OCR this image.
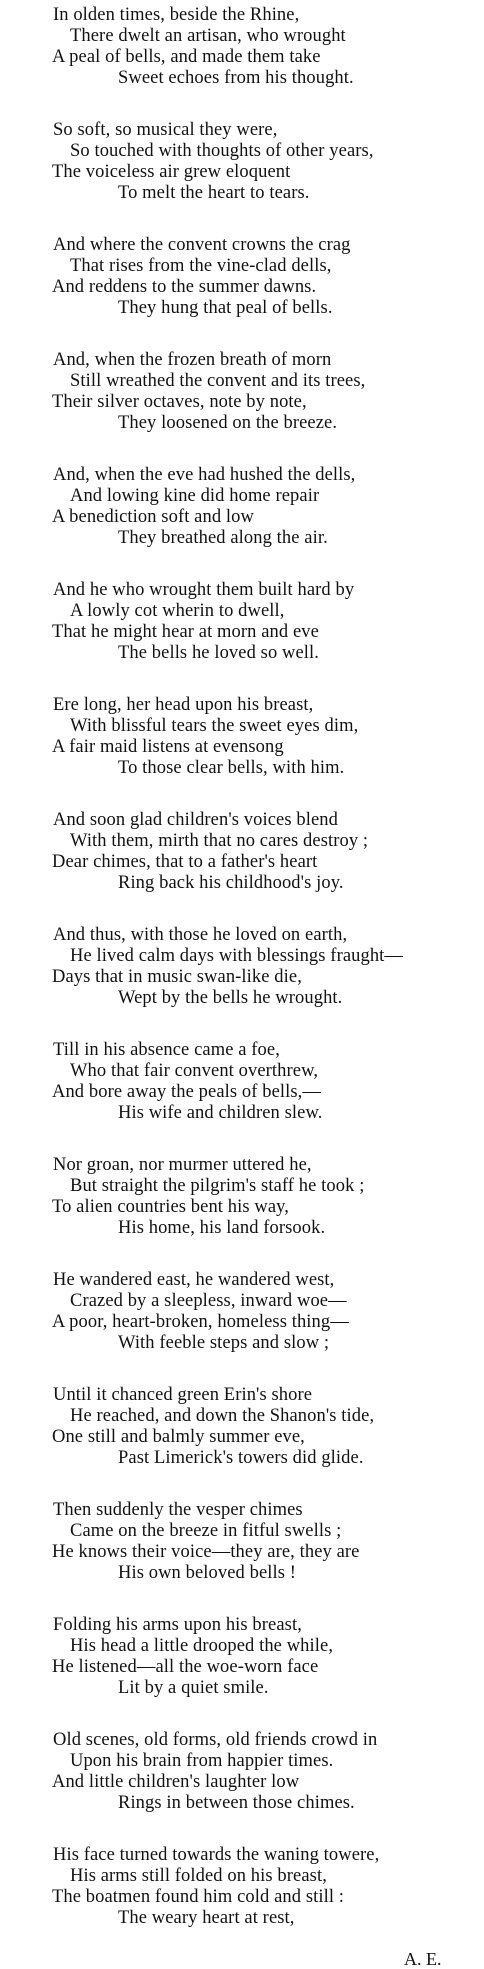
In olden times, beside the Rhine,
There dwelt an artisan, who wrought
A peal of bells, and made them take
Sweet echoes from his thought.
So soft, so musical they were,
So touched with thoughts of other years,
The voiceless air grew eloquent
To melt the heart to tears.
And where the convent crowns the crag
That rises from the vine-clad dells,
And reddens to the summer dawns.
They hung that peal of bells.
And, when the frozen breath of morn
Still wreathed the convent and its trees,
Their silver octaves, note by note,
They loosened on the breeze.
And, when the eve had hushed the dells,
And lowing kine did home repair
A benediction soft and low
They breathed along the air.
And he who wrought them built hard by
A lowly cot wherin to dwell,
That he might hear at morn and eve
The bells he loved so well.
Ere long, her head upon his breast,
With blissful tears the sweet eyes dim,
A fair maid listens at evensong
To those clear bells, with him.
And soon glad children's voices blend
With them, mirth that no cares destroy ;
Dear chimes, that to a father's heart
Ring back his childhood's joy.
And thus, with those he loved on earth,
He lived calm days with blessings fraught—
Days that in music swan-like die,
Wept by the bells he wrought.
Till in his absence came a foe,
Who that fair convent overthrew,
And bore away the peals of bells,—
His wife and children slew.
Nor groan, nor murmer uttered he,
But straight the pilgrim's staff he took ;
To alien countries bent his way,
His home, his land forsook.
He wandered east, he wandered west,
Crazed by a sleepless, inward woe—
A poor, heart-broken, homeless thing—
With feeble steps and slow ;
Until it chanced green Erin's shore
He reached, and down the Shanon's tide,
One still and balmly summer eve,
Past Limerick's towers did glide.
Then suddenly the vesper chimes
Came on the breeze in fitful swells ;
He knows their voice—they are, they are
His own beloved bells !
Folding his arms upon his breast,
His head a little drooped the while,
He listened—all the woe-worn face
Lit by a quiet smile.
Old scenes, old forms, old friends crowd in
Upon his brain from happier times.
And little children's laughter low
Rings in between those chimes.
His face turned towards the waning towere,
His arms still folded on his breast,
The boatmen found him cold and still :
The weary heart at rest,
A. E.
